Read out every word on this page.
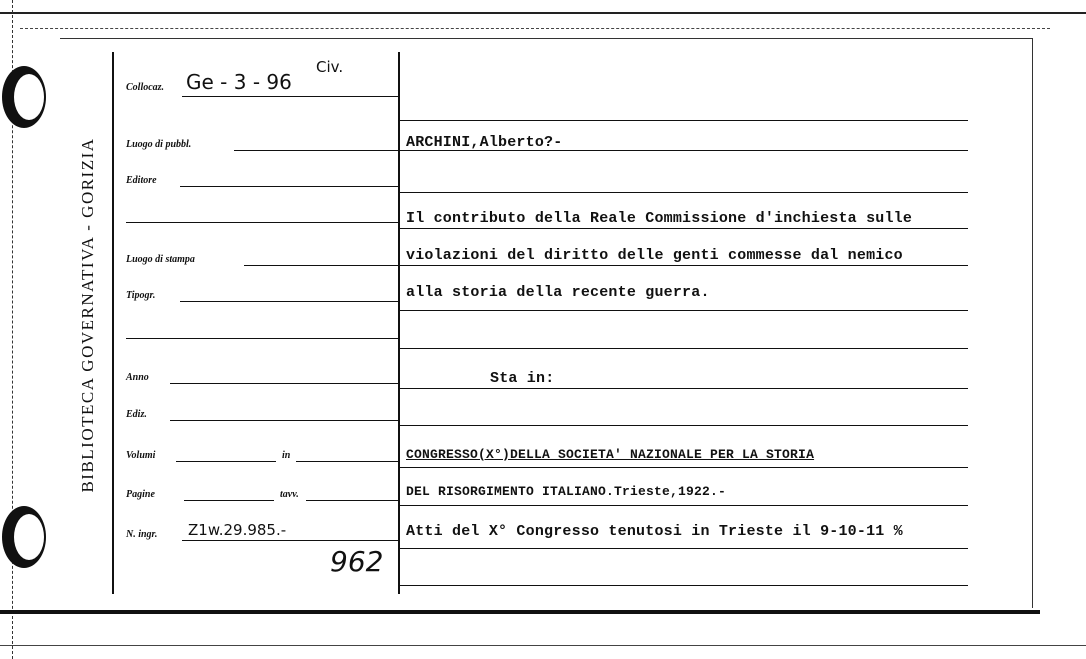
BIBLIOTECA GOVERNATIVA - GORIZIA
Collocaz. Ge - 3 - 96
Civ.
Luogo di pubbl.
Editore
Luogo di stampa
Tipogr.
Anno
Ediz.
Volumi	in
Pagine	tavv.
N. ingr. Z1w.29.985.-
962
ARCHINI,Alberto?-
Il contributo della Reale Commissione d'inchiesta sulle
violazioni del diritto delle genti commesse dal nemico
alla storia della recente guerra.
Sta in:
CONGRESSO(X°)DELLA SOCIETA' NAZIONALE PER LA STORIA
DEL RISORGIMENTO ITALIANO.Trieste,1922.-
Atti del X° Congresso tenutosi in Trieste il 9-10-11 %
